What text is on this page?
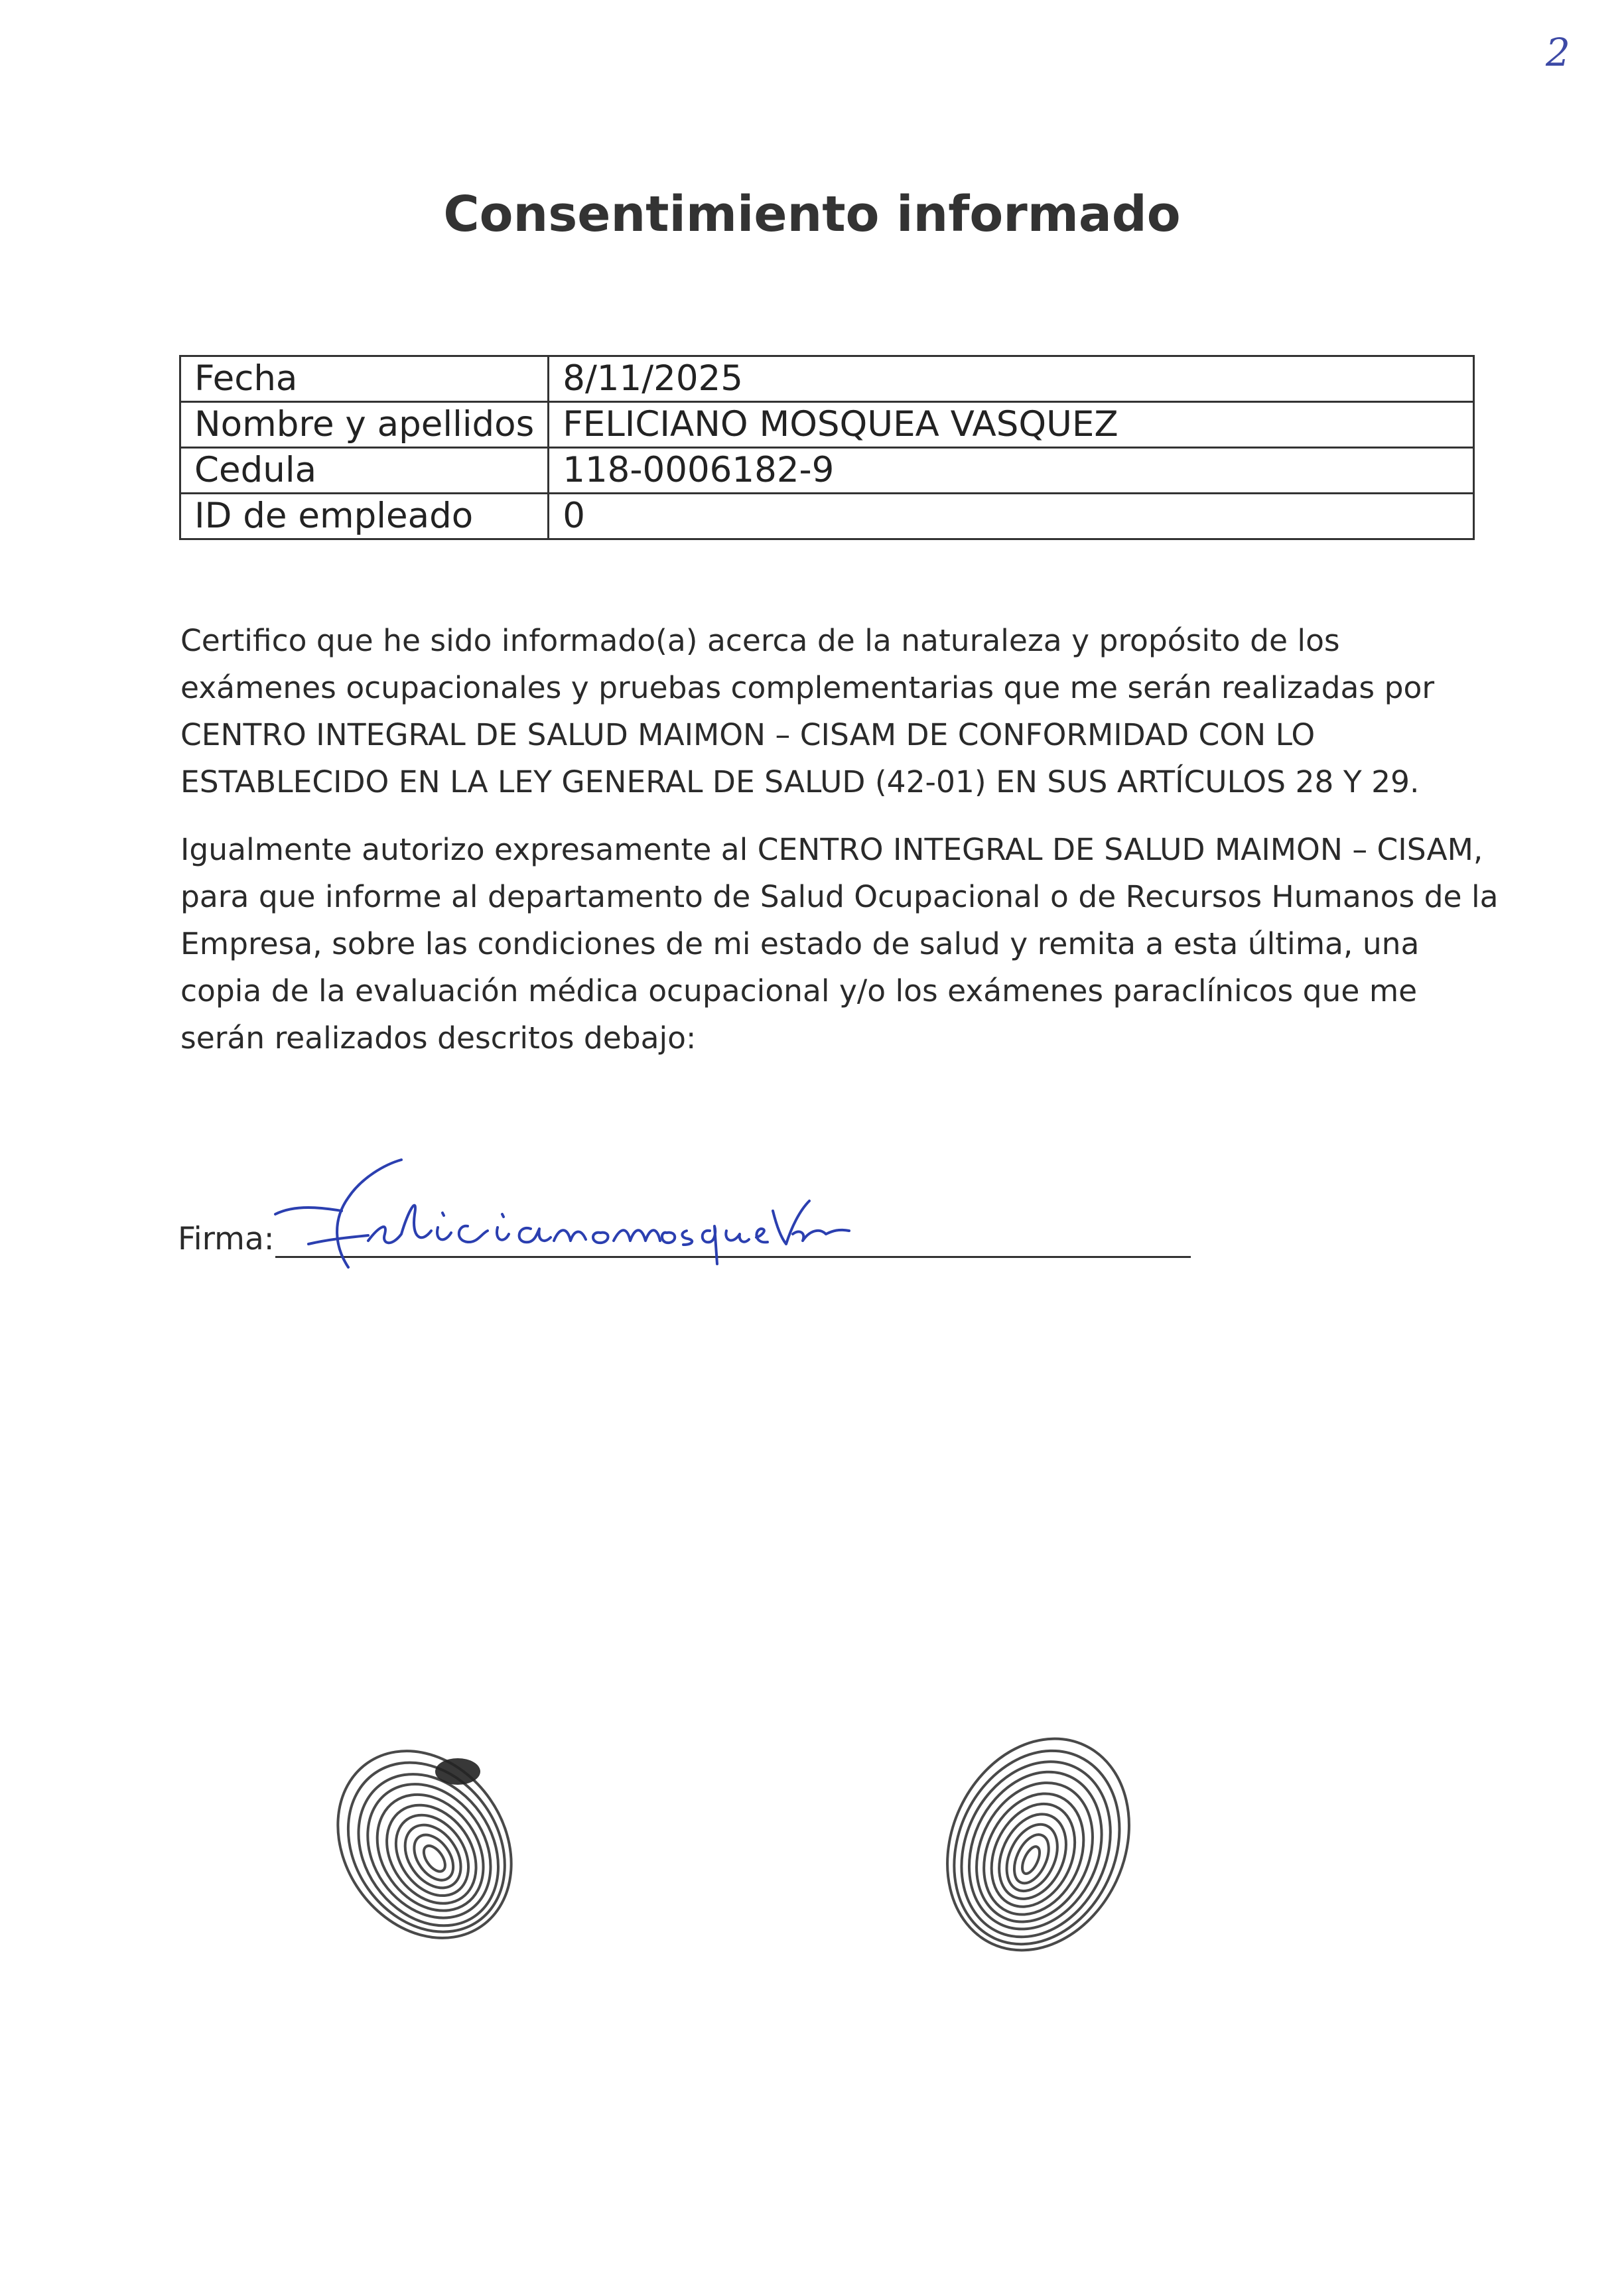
2
Consentimiento informado
Fecha	8/11/2025
Nombre y apellidos	FELICIANO MOSQUEA VASQUEZ
Cedula	118-0006182-9
ID de empleado	0
Certifico que he sido informado(a) acerca de la naturaleza y propósito de los exámenes ocupacionales y pruebas complementarias que me serán realizadas por CENTRO INTEGRAL DE SALUD MAIMON – CISAM DE CONFORMIDAD CON LO ESTABLECIDO EN LA LEY GENERAL DE SALUD (42-01) EN SUS ARTÍCULOS 28 Y 29.
Igualmente autorizo expresamente al CENTRO INTEGRAL DE SALUD MAIMON – CISAM, para que informe al departamento de Salud Ocupacional o de Recursos Humanos de la Empresa, sobre las condiciones de mi estado de salud y remita a esta última, una copia de la evaluación médica ocupacional y/o los exámenes paraclínicos que me serán realizados descritos debajo:
Firma:
